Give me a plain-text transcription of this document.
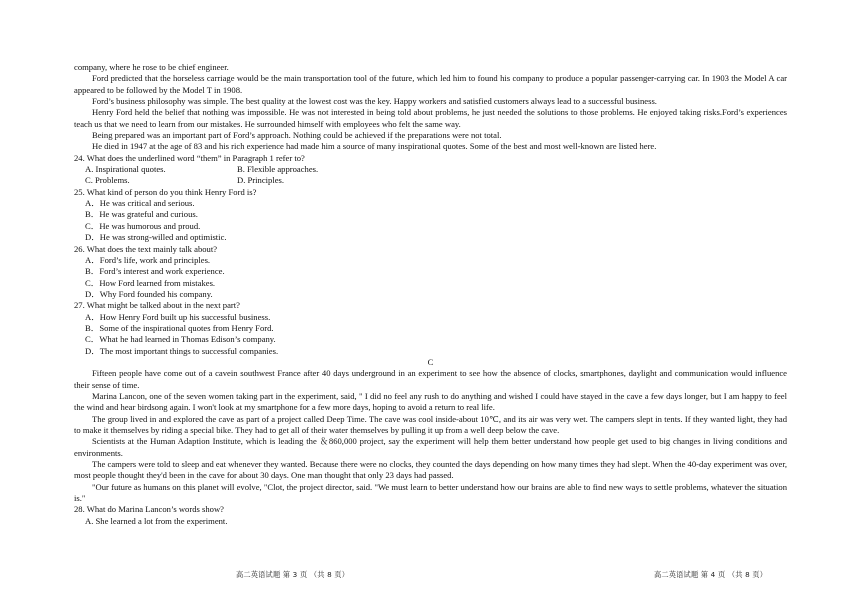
company, where he rose to be chief engineer.

Ford predicted that the horseless carriage would be the main transportation tool of the future, which led him to found his company to produce a popular passenger-carrying car. In 1903 the Model A car appeared to be followed by the Model T in 1908.

Ford’s business philosophy was simple. The best quality at the lowest cost was the key. Happy workers and satisfied customers always lead to a successful business.

Henry Ford held the belief that nothing was impossible. He was not interested in being told about problems, he just needed the solutions to those problems. He enjoyed taking risks.Ford’s experiences teach us that we need to learn from our mistakes. He surrounded himself with employees who felt the same way.

Being prepared was an important part of Ford’s approach. Nothing could be achieved if the preparations were not total.

He died in 1947 at the age of 83 and his rich experience had made him a source of many inspirational quotes. Some of the best and most well-known are listed here.

24. What does the underlined word “them” in Paragraph 1 refer to?

A. Inspirational quotes.	B. Flexible approaches.
C. Problems.	D. Principles.

25. What kind of person do you think Henry Ford is?

A．He was critical and serious.

B．He was grateful and curious.

C．He was humorous and proud.

D．He was strong-willed and optimistic.

26. What does the text mainly talk about?

A．Ford’s life, work and principles.

B．Ford’s interest and work experience.

C．How Ford learned from mistakes.

D．Why Ford founded his company.

27. What might be talked about in the next part?

A．How Henry Ford built up his successful business.

B．Some of the inspirational quotes from Henry Ford.

C．What he had learned in Thomas Edison’s company.

D．The most important things to successful companies.

C

Fifteen people have come out of a cavein southwest France after 40 days underground in an experiment to see how the absence of clocks, smartphones, daylight and communication would influence their sense of time.

Marina Lancon, one of the seven women taking part in the experiment, said, " I did no feel any rush to do anything and wished I could have stayed in the cave a few days longer, but I am happy to feel the wind and hear birdsong again. I won't look at my smartphone for a few more days, hoping to avoid a return to real life.

The group lived in and explored the cave as part of a project called Deep Time. The cave was cool inside-about 10℃, and its air was very wet. The campers slept in tents. If they wanted light, they had to make it themselves by riding a special bike. They had to get all of their water themselves by pulling it up from a well deep below the cave.

Scientists at the Human Adaption Institute, which is leading the ＆860,000 project, say the experiment will help them better understand how people get used to big changes in living conditions and environments.

The campers were told to sleep and eat whenever they wanted. Because there were no clocks, they counted the days depending on how many times they had slept. When the 40-day experiment was over, most people thought they'd been in the cave for about 30 days. One man thought that only 23 days had passed.

"Our future as humans on this planet will evolve, "Clot, the project director, said. "We must learn to better understand how our brains are able to find new ways to settle problems, whatever the situation is."

28. What do Marina Lancon’s words show?

A. She learned a lot from the experiment.

高二英语试题 第 3 页 （共 8 页）	高二英语试题 第 4 页 （共 8 页）
